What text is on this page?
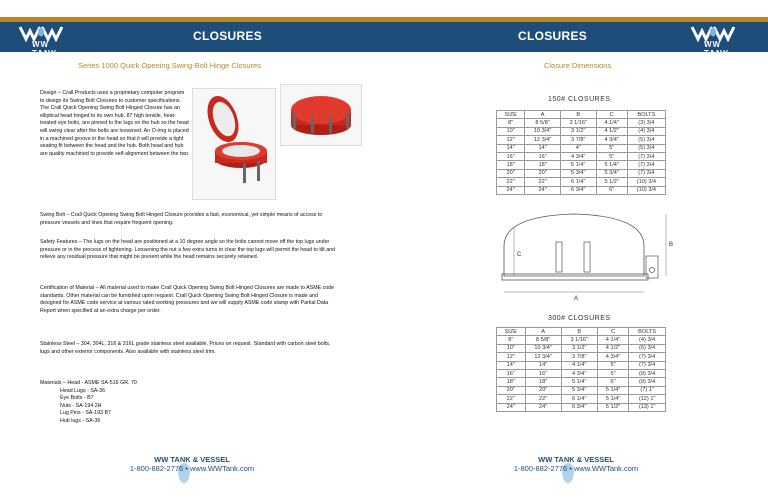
WW TANK
CLOSURES
Series 1000 Quick Opening Swing-Bolt Hinge Closures
Design – Crall Products uses a proprietary computer program to design its Swing Bolt Closures to customer specifications. The Crall Quick Opening Swing Bolt Hinged Closure has an elliptical head hinged to its own hub. 87 high tensile, heat-treated eye bolts, are pinned to the lugs on the hub so the head will swing clear after the bolts are loosened. An O-ring is placed in a machined groove in the head so that it will provide a tight seating fit between the head and the hub. Both head and hub are quality machined to provide self-alignment between the two.
Swing Bolt – Crall Quick Opening Swing Bolt Hinged Closure provides a fast, economical, yet simple means of access to pressure vessels and lines that require frequent opening.
Safety Features – The lugs on the head are positioned at a 10 degree angle so the bolts cannot move off the top lugs under pressure or in the process of tightening. Loosening the nut a few extra turns to clear the top lugs will permit the head to tilt and relieve any residual pressure that might be present while the head remains securely retained.
Certification of Material – All material used to make Crall Quick Opening Swing Bolt Hinged Closures are made to ASME code standards. Other material can be furnished upon request. Crall Quick Opening Swing Bolt Hinged Closure is made and designed for ASME code service at various rated working pressures and we will supply ASME code stamp with Partial Data Report when specified at an extra charge per order.
Stainless Steel – 304, 304L, 316 & 316L grade stainless steel available. Prices on request. Standard with carbon steel bolts, lugs and other exterior components. Also available with stainless steel trim.
Materials – Head - ASME SA-516 GR. 70
Head Lugs - SA-36
Eye Bolts - B7
Nuts - SA-194 2H
Lug Pins - SA-193 B7
Hub lugs - SA-36
WW TANK & VESSEL
1-800-882-2776 • www.WWTank.com
CLOSURES
WW TANK
Closure Dimensions
150# CLOSURES
SIZE	A	B	C	BOLTS
8"	8 5/8"	3 1/16"	4 1/4"	(3) 3/4
10"	10 3/4"	3 1/2"	4 1/2"	(4) 3/4
12"	12 3/4"	3 7/8"	4 3/4"	(5) 3/4
14"	14"	4"	5"	(5) 3/4
16"	16"	4 3/4"	5"	(7) 3/4
18"	18"	5 1/4"	5 1/4"	(7) 3/4
20"	20"	5 3/4"	5 3/4"	(7) 3/4
22"	22"	6 1/4"	5 1/2"	(10) 3/4
24"	24"	6 3/4"	6"	(10) 3/4
A
B
C
300# CLOSURES
SIZE	A	B	C	BOLTS
8"	8 5/8"	3 1/16"	4 1/4"	(4) 3/4
10"	10 3/4"	3 1/2"	4 1/2"	(6) 3/4
12"	12 3/4"	3 7/8"	4 3/4"	(7) 3/4
14"	14"	4 1/4"	5"	(7) 3/4
16"	16"	4 3/4"	5"	(9) 3/4
18"	18"	5 1/4"	6"	(9) 3/4
20"	20"	5 3/4"	5 1/4"	(7) 1"
22"	22"	6 1/4"	5 1/4"	(12) 1"
24"	24"	6 3/4"	5 1/2"	(13) 1"
WW TANK & VESSEL
1-800-882-2776 • www.WWTank.com
